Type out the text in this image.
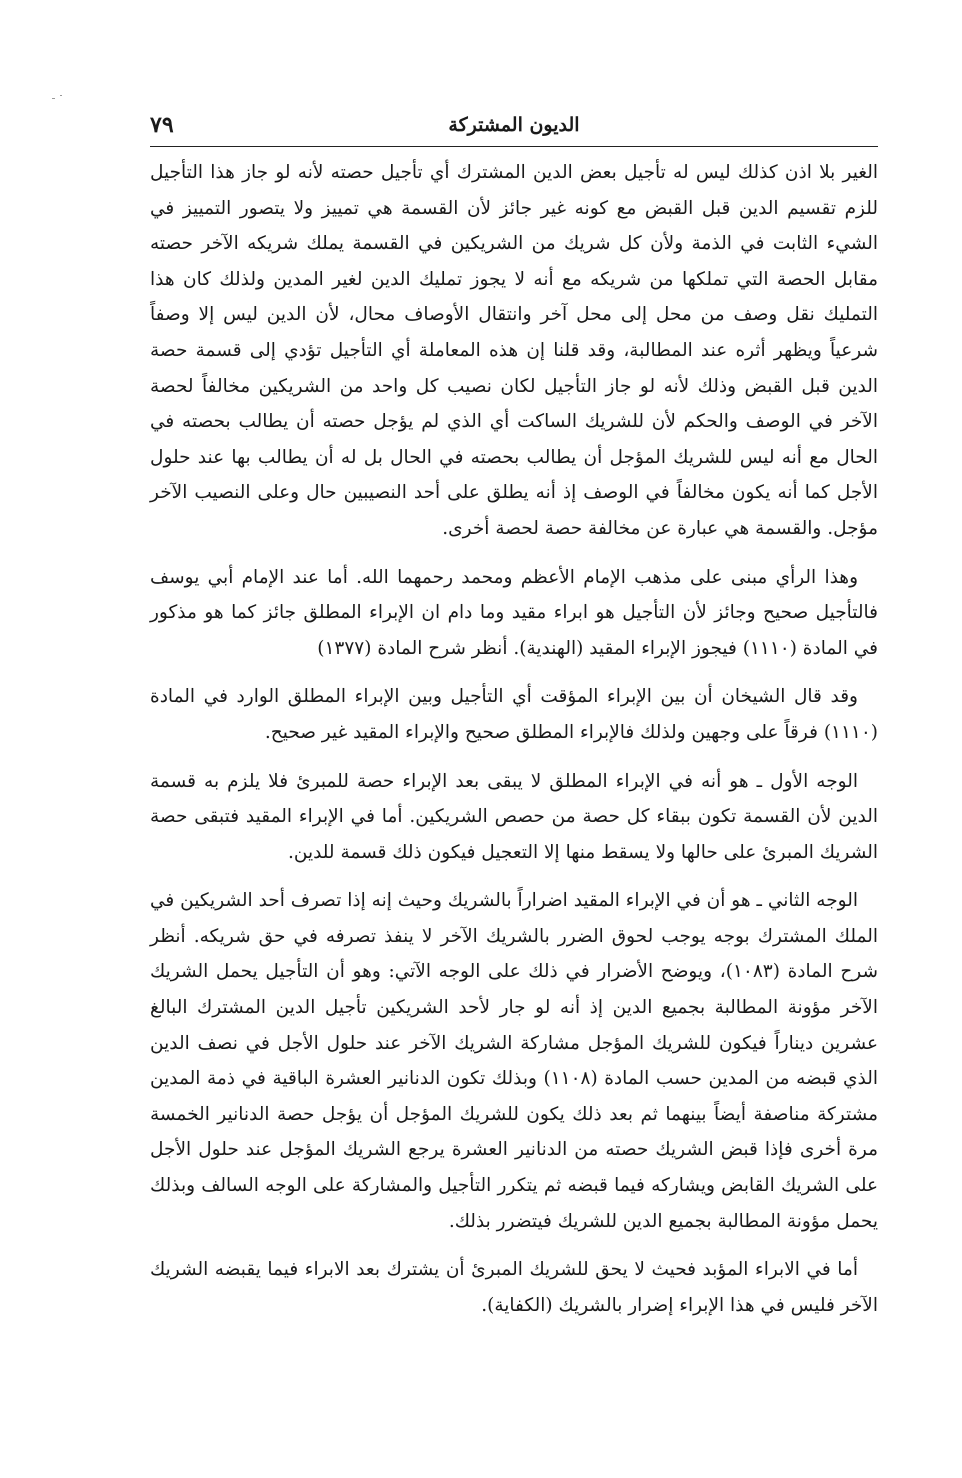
الديون المشتركة
٧٩

الغير بلا اذن كذلك ليس له تأجيل بعض الدين المشترك أي تأجيل حصته لأنه لو جاز هذا التأجيل للزم تقسيم الدين قبل القبض مع كونه غير جائز لأن القسمة هي تمييز ولا يتصور التمييز في الشيء الثابت في الذمة ولأن كل شريك من الشريكين في القسمة يملك شريكه الآخر حصته مقابل الحصة التي تملكها من شريكه مع أنه لا يجوز تمليك الدين لغير المدين ولذلك كان هذا التمليك نقل وصف من محل إلى محل آخر وانتقال الأوصاف محال، لأن الدين ليس إلا وصفاً شرعياً ويظهر أثره عند المطالبة، وقد قلنا إن هذه المعاملة أي التأجيل تؤدي إلى قسمة حصة الدين قبل القبض وذلك لأنه لو جاز التأجيل لكان نصيب كل واحد من الشريكين مخالفاً لحصة الآخر في الوصف والحكم لأن للشريك الساكت أي الذي لم يؤجل حصته أن يطالب بحصته في الحال مع أنه ليس للشريك المؤجل أن يطالب بحصته في الحال بل له أن يطالب بها عند حلول الأجل كما أنه يكون مخالفاً في الوصف إذ أنه يطلق على أحد النصيبين حال وعلى النصيب الآخر مؤجل. والقسمة هي عبارة عن مخالفة حصة لحصة أخرى.

وهذا الرأي مبنى على مذهب الإمام الأعظم ومحمد رحمهما الله. أما عند الإمام أبي يوسف فالتأجيل صحيح وجائز لأن التأجيل هو ابراء مقيد وما دام ان الإبراء المطلق جائز كما هو مذكور في المادة (١١١٠) فيجوز الإبراء المقيد (الهندية). أنظر شرح المادة (١٣٧٧)

وقد قال الشيخان أن بين الإبراء المؤقت أي التأجيل وبين الإبراء المطلق الوارد في المادة (١١١٠) فرقاً على وجهين ولذلك فالإبراء المطلق صحيح والإبراء المقيد غير صحيح.

الوجه الأول ـ هو أنه في الإبراء المطلق لا يبقى بعد الإبراء حصة للمبرئ فلا يلزم به قسمة الدين لأن القسمة تكون ببقاء كل حصة من حصص الشريكين. أما في الإبراء المقيد فتبقى حصة الشريك المبرئ على حالها ولا يسقط منها إلا التعجيل فيكون ذلك قسمة للدين.

الوجه الثاني ـ هو أن في الإبراء المقيد اضراراً بالشريك وحيث إنه إذا تصرف أحد الشريكين في الملك المشترك بوجه يوجب لحوق الضرر بالشريك الآخر لا ينفذ تصرفه في حق شريكه. أنظر شرح المادة (١٠٨٣)، ويوضح الأضرار في ذلك على الوجه الآتي: وهو أن التأجيل يحمل الشريك الآخر مؤونة المطالبة بجميع الدين إذ أنه لو جار لأحد الشريكين تأجيل الدين المشترك البالغ عشرين ديناراً فيكون للشريك المؤجل مشاركة الشريك الآخر عند حلول الأجل في نصف الدين الذي قبضه من المدين حسب المادة (١١٠٨) وبذلك تكون الدنانير العشرة الباقية في ذمة المدين مشتركة مناصفة أيضاً بينهما ثم بعد ذلك يكون للشريك المؤجل أن يؤجل حصة الدنانير الخمسة مرة أخرى فإذا قبض الشريك حصته من الدنانير العشرة يرجع الشريك المؤجل عند حلول الأجل على الشريك القابض ويشاركه فيما قبضه ثم يتكرر التأجيل والمشاركة على الوجه السالف وبذلك يحمل مؤونة المطالبة بجميع الدين للشريك فيتضرر بذلك.

أما في الابراء المؤبد فحيث لا يحق للشريك المبرئ أن يشترك بعد الابراء فيما يقبضه الشريك الآخر فليس في هذا الإبراء إضرار بالشريك (الكفاية).
